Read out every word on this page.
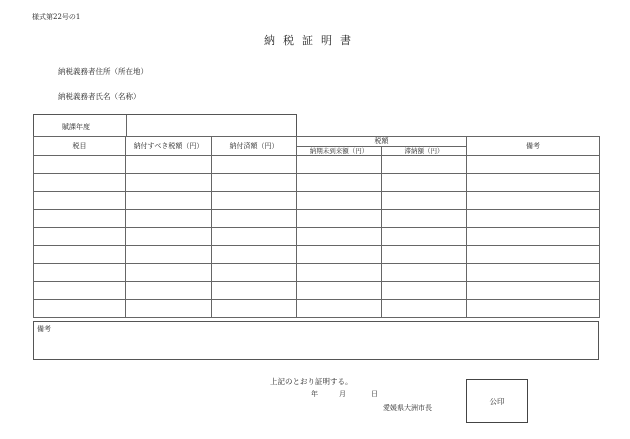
様式第22号の1
納税証明書
納税義務者住所（所在地）
納税義務者氏名（名称）
賦課年度
税目	納付すべき税額（円）	納付済額（円）	税額		備考
			納期未到来額（円）	滞納額（円）	

備考
上記のとおり証明する。
年	月	日
愛媛県大洲市長
公印
